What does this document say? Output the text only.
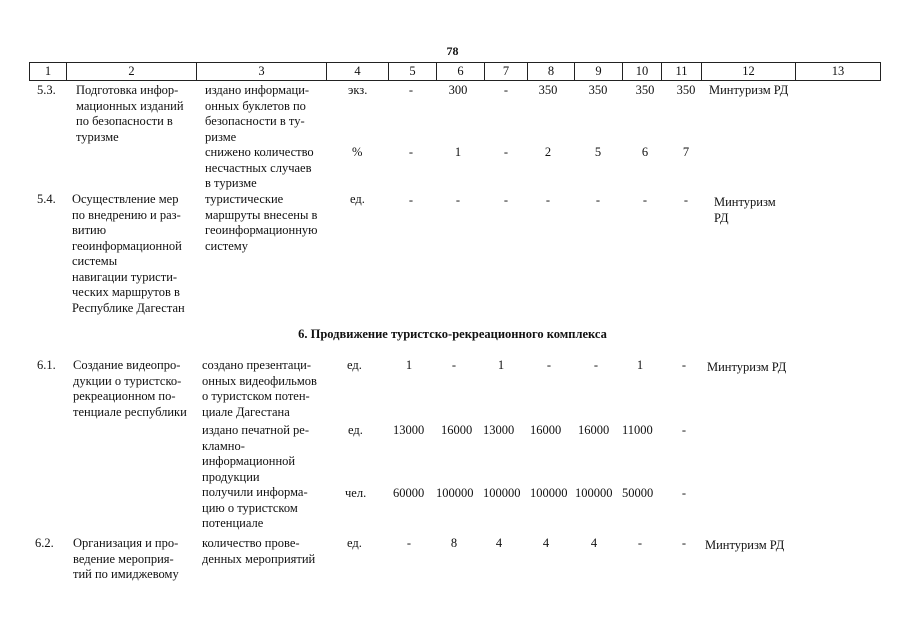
78
1	2	3	4	5	6	7	8	9	10	11	12	13
5.3. Подготовка инфор-
мационных изданий
по безопасности в
туризме
издано информаци-
онных буклетов по
безопасности в ту-
ризме
экз.	-	300	-	350	350	350	350	Минтуризм РД
снижено количество
несчастных случаев
в туризме
%	-	1	-	2	5	6	7
5.4. Осуществление мер
по внедрению и раз-
витию
геоинформационной
системы
навигации туристи-
ческих маршрутов в
Республике Дагестан
туристические
маршруты внесены в
геоинформационную
систему
ед.	-	-	-	-	-	-	-	Минтуризм
РД
6. Продвижение туристско-рекреационного комплекса
6.1. Создание видеопро-
дукции о туристско-
рекреационном по-
тенциале республики
создано презентаци-
онных видеофильмов
о туристском потен-
циале Дагестана
ед.	1	-	1	-	-	1	-	Минтуризм РД
издано печатной ре-
кламно-
информационной
продукции
ед. 13000 16000 13000 16000 16000 11000	-
получили информа-
цию о туристском
потенциале
чел. 60000 100000 100000 100000 100000 50000	-
6.2. Организация и про-
ведение мероприя-
тий по имиджевому
количество прове-
денных мероприятий
ед.	-	8	4	4	4	-	-	Минтуризм РД
